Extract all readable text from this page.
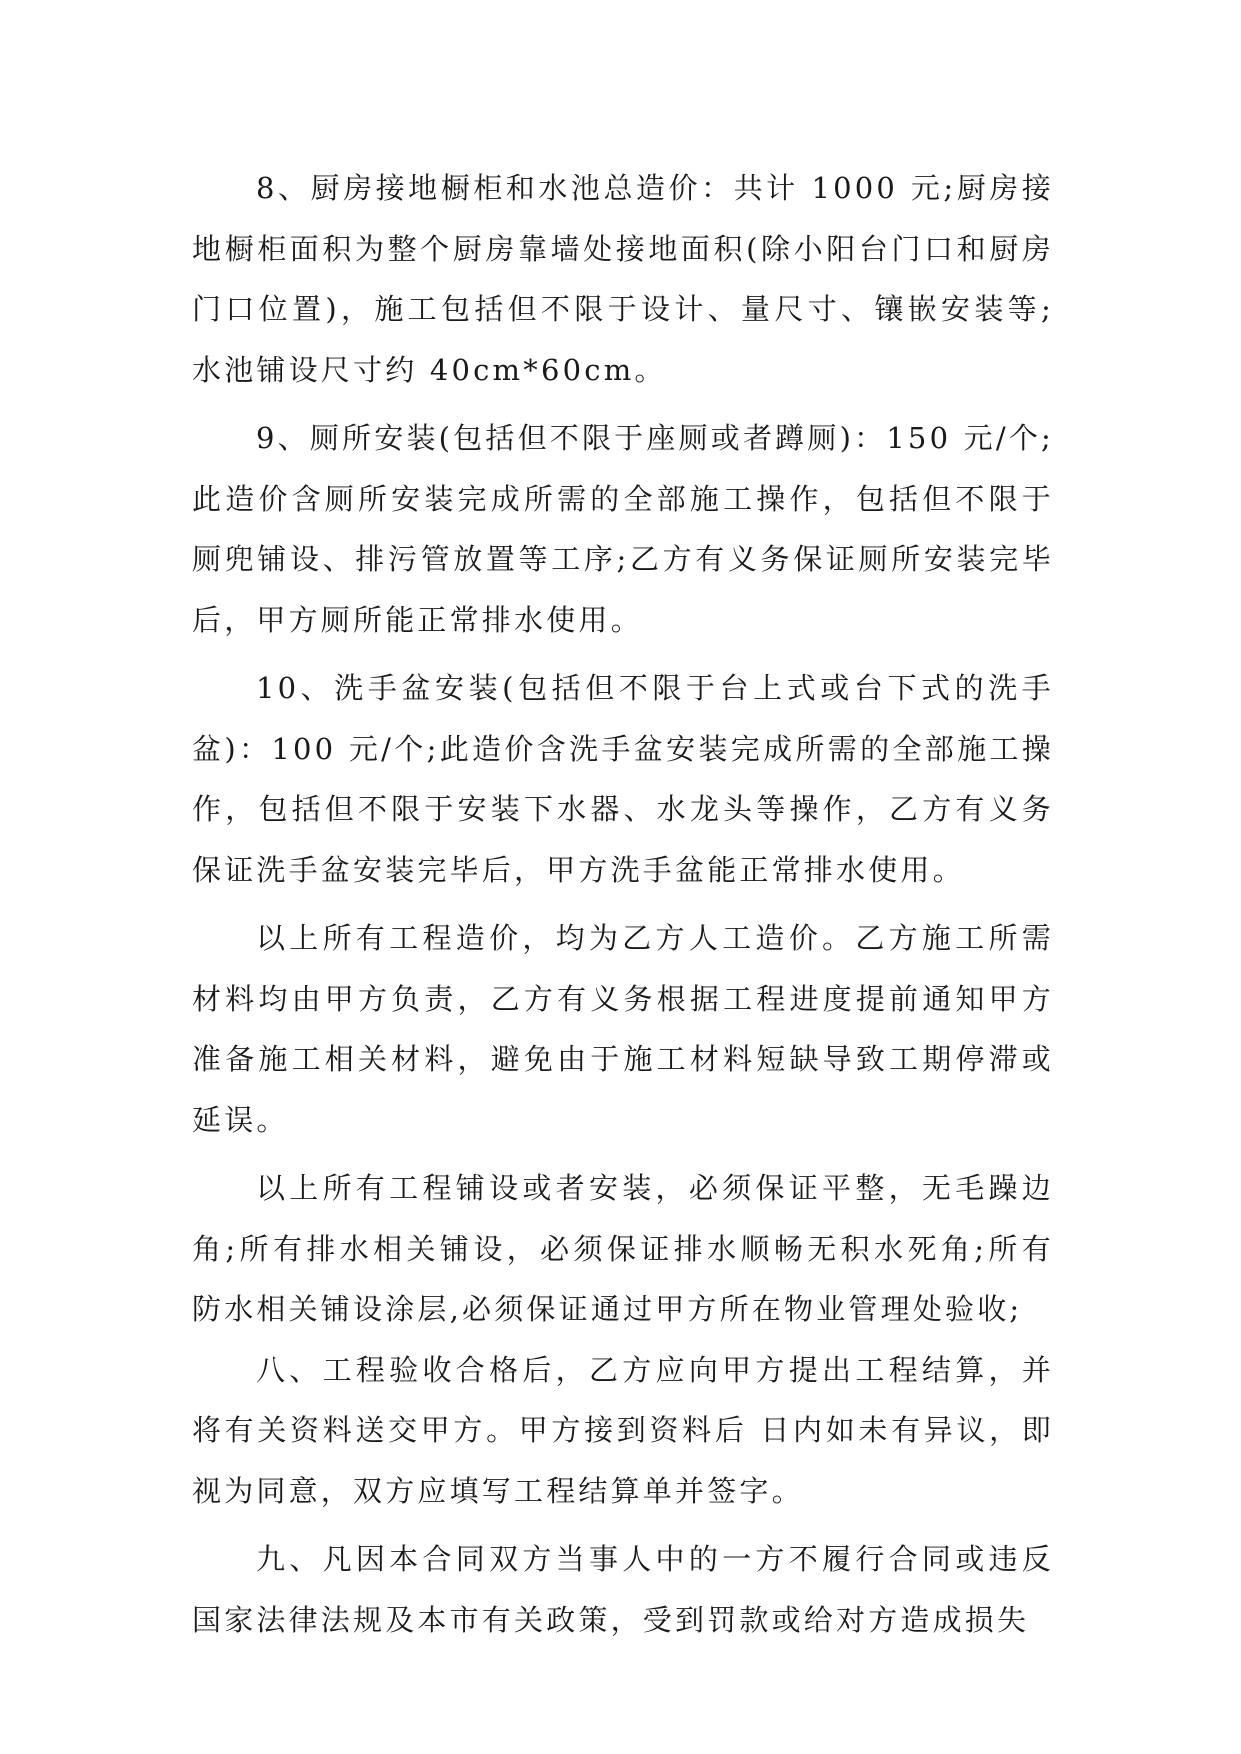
8、厨房接地橱柜和水池总造价：共计 1000 元;厨房接地橱柜面积为整个厨房靠墙处接地面积(除小阳台门口和厨房门口位置)，施工包括但不限于设计、量尺寸、镶嵌安装等;水池铺设尺寸约 40cm*60cm。

9、厕所安装(包括但不限于座厕或者蹲厕)：150 元/个;此造价含厕所安装完成所需的全部施工操作，包括但不限于厕兜铺设、排污管放置等工序;乙方有义务保证厕所安装完毕后，甲方厕所能正常排水使用。

10、洗手盆安装(包括但不限于台上式或台下式的洗手盆)：100 元/个;此造价含洗手盆安装完成所需的全部施工操作，包括但不限于安装下水器、水龙头等操作，乙方有义务保证洗手盆安装完毕后，甲方洗手盆能正常排水使用。

以上所有工程造价，均为乙方人工造价。乙方施工所需材料均由甲方负责，乙方有义务根据工程进度提前通知甲方准备施工相关材料，避免由于施工材料短缺导致工期停滞或延误。

以上所有工程铺设或者安装，必须保证平整，无毛躁边角;所有排水相关铺设，必须保证排水顺畅无积水死角;所有防水相关铺设涂层,必须保证通过甲方所在物业管理处验收;

八、工程验收合格后，乙方应向甲方提出工程结算，并将有关资料送交甲方。甲方接到资料后 日内如未有异议，即视为同意，双方应填写工程结算单并签字。

九、凡因本合同双方当事人中的一方不履行合同或违反国家法律法规及本市有关政策，受到罚款或给对方造成损失
